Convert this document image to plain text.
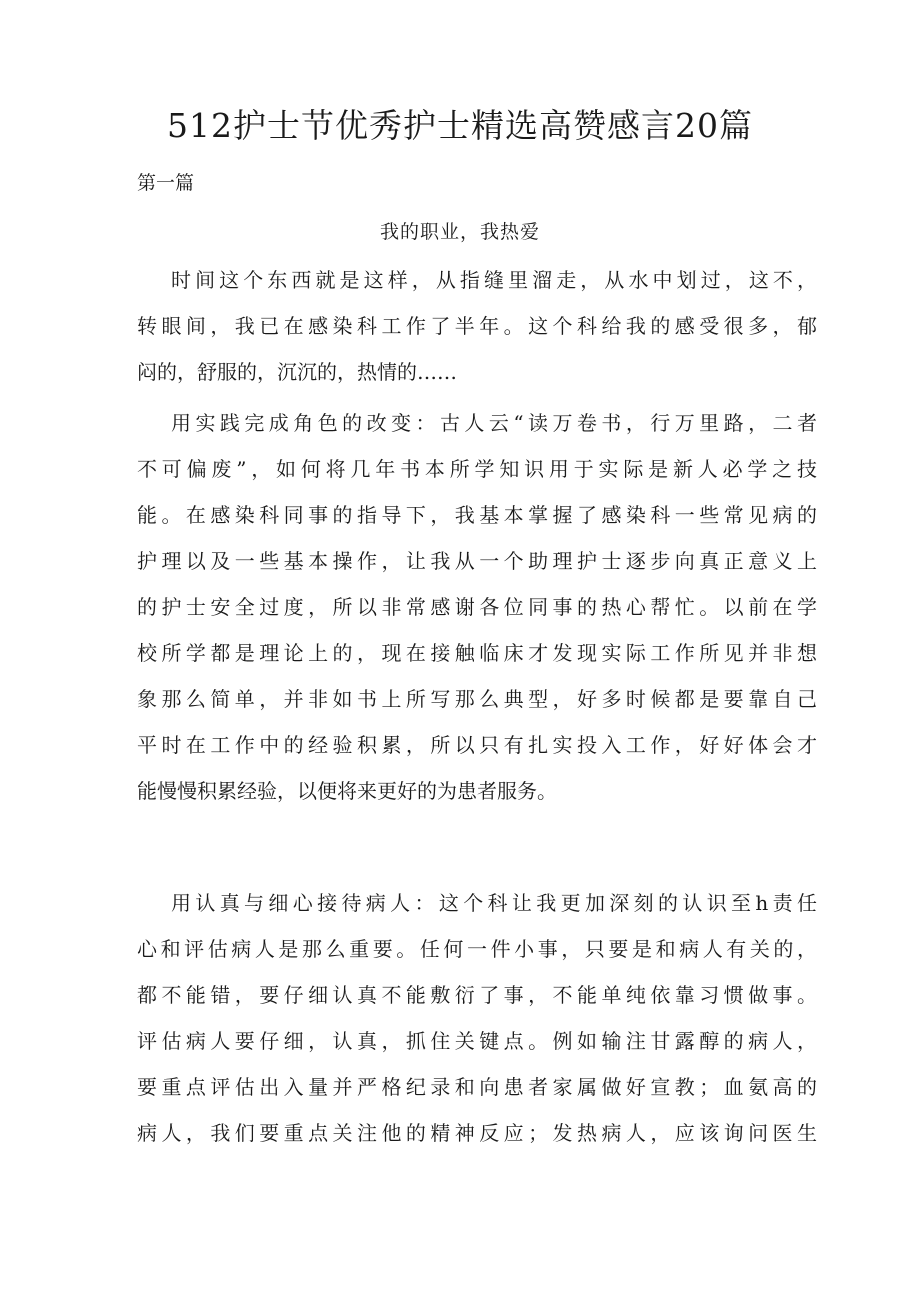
512护士节优秀护士精选高赞感言20篇
第一篇
我的职业，我热爱
时间这个东西就是这样，从指缝里溜走，从水中划过，这不，
转眼间，我已在感染科工作了半年。这个科给我的感受很多，郁
闷的，舒服的，沉沉的，热情的……
用实践完成角色的改变：古人云“读万卷书，行万里路，二者
不可偏废”，如何将几年书本所学知识用于实际是新人必学之技
能。在感染科同事的指导下，我基本掌握了感染科一些常见病的
护理以及一些基本操作，让我从一个助理护士逐步向真正意义上
的护士安全过度，所以非常感谢各位同事的热心帮忙。以前在学
校所学都是理论上的，现在接触临床才发现实际工作所见并非想
象那么简单，并非如书上所写那么典型，好多时候都是要靠自己
平时在工作中的经验积累，所以只有扎实投入工作，好好体会才
能慢慢积累经验，以便将来更好的为患者服务。
用认真与细心接待病人：这个科让我更加深刻的认识至h责任
心和评估病人是那么重要。任何一件小事，只要是和病人有关的，
都不能错，要仔细认真不能敷衍了事，不能单纯依靠习惯做事。
评估病人要仔细，认真，抓住关键点。例如输注甘露醇的病人，
要重点评估出入量并严格纪录和向患者家属做好宣教；血氨高的
病人，我们要重点关注他的精神反应；发热病人，应该询问医生
